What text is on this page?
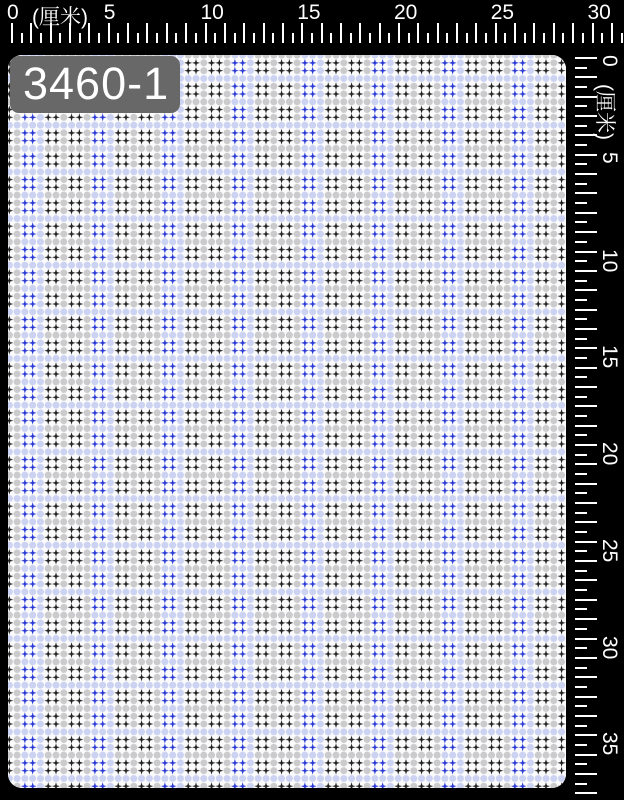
3460-1
0	5	10	15	20	25	30
(厘米)
0
5
10
15
20
25
30
35
(厘米)
